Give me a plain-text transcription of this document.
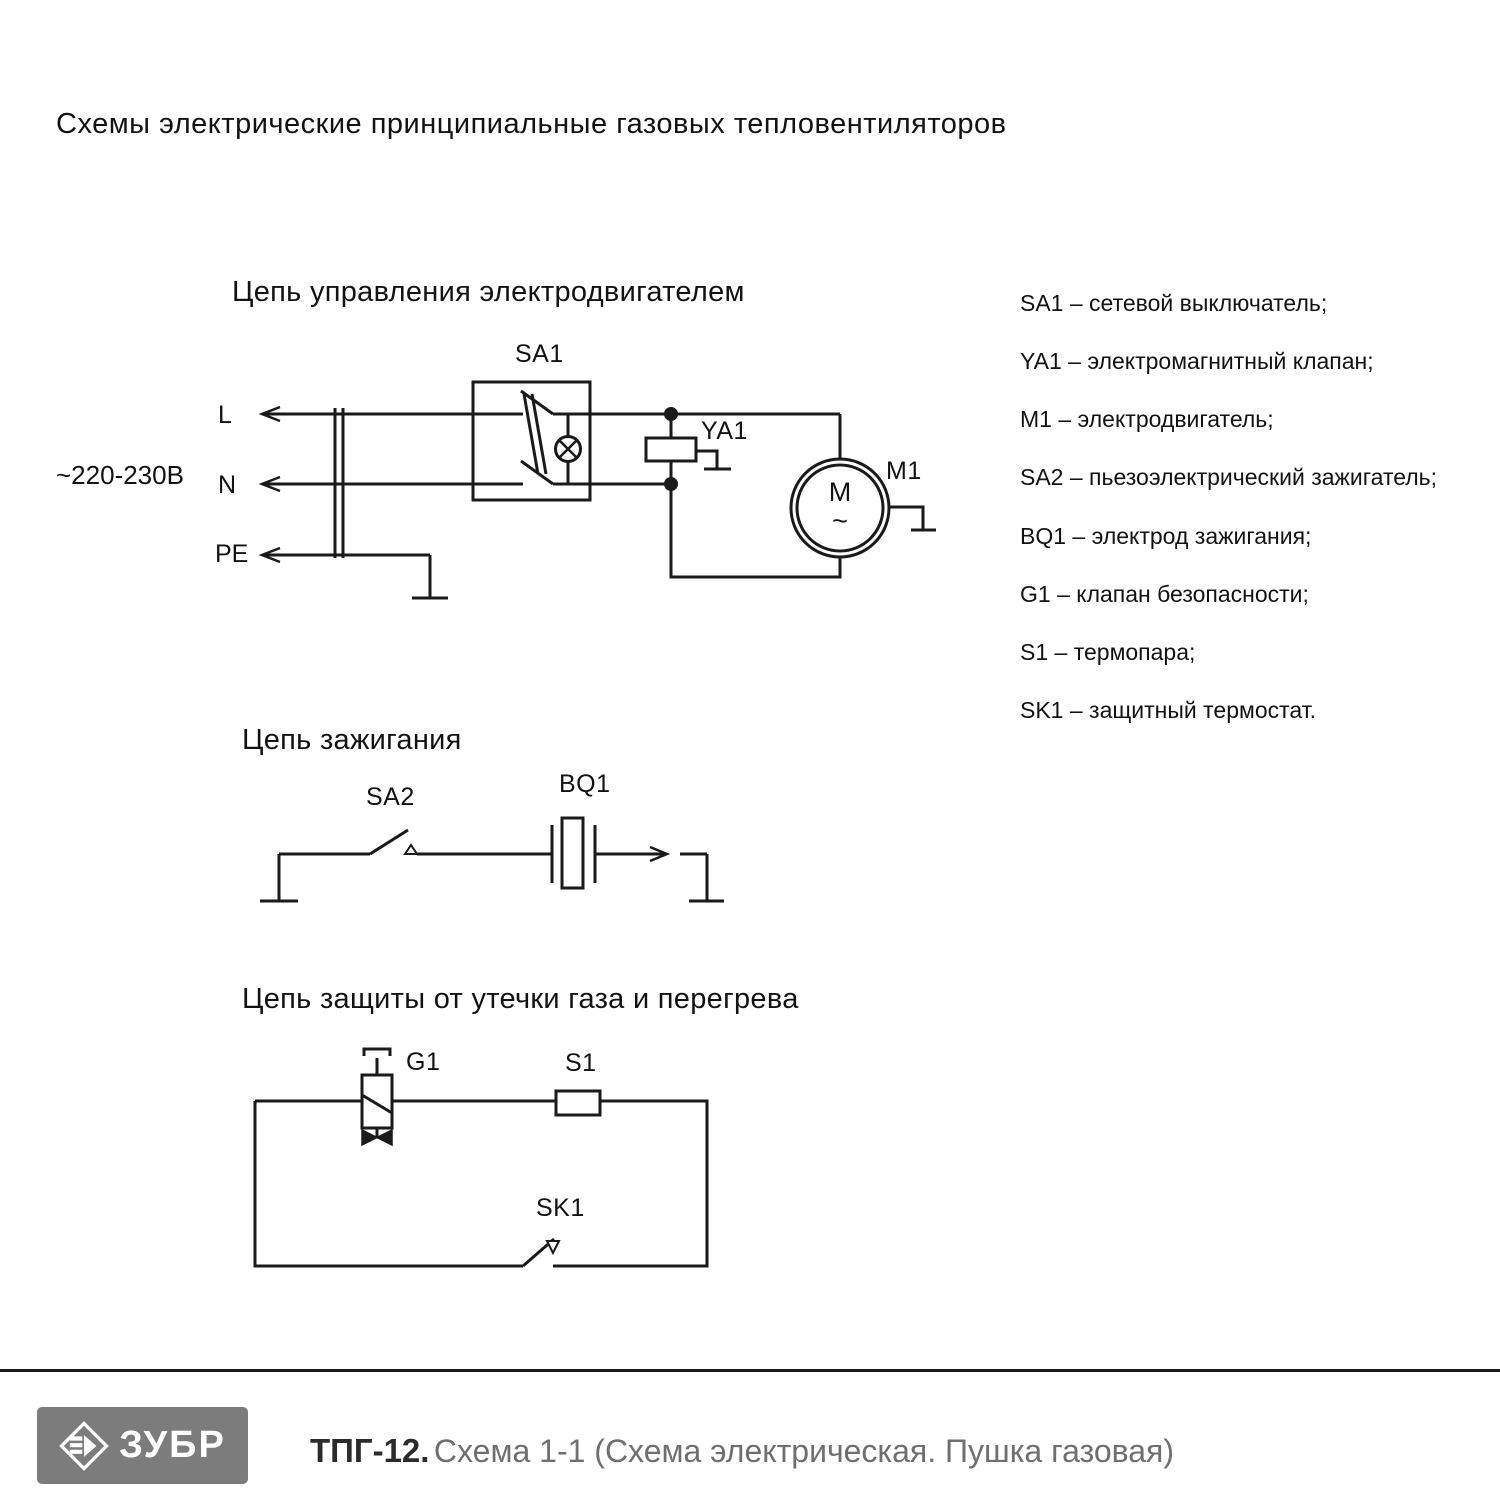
Схемы электрические принципиальные газовых тепловентиляторов
Цепь управления электродвигателем
~220-230В
L
N
PE
SA1
YA1
M1
M
~
Цепь зажигания
SA2	BQ1
Цепь защиты от утечки газа и перегрева
G1	S1
SK1
SA1 – сетевой выключатель;
YA1 – электромагнитный клапан;
M1 – электродвигатель;
SA2 – пьезоэлектрический зажигатель;
BQ1 – электрод зажигания;
G1 – клапан безопасности;
S1 – термопара;
SK1 – защитный термостат.
ЗУБР	ТПГ-12. Схема 1-1 (Схема электрическая. Пушка газовая)
